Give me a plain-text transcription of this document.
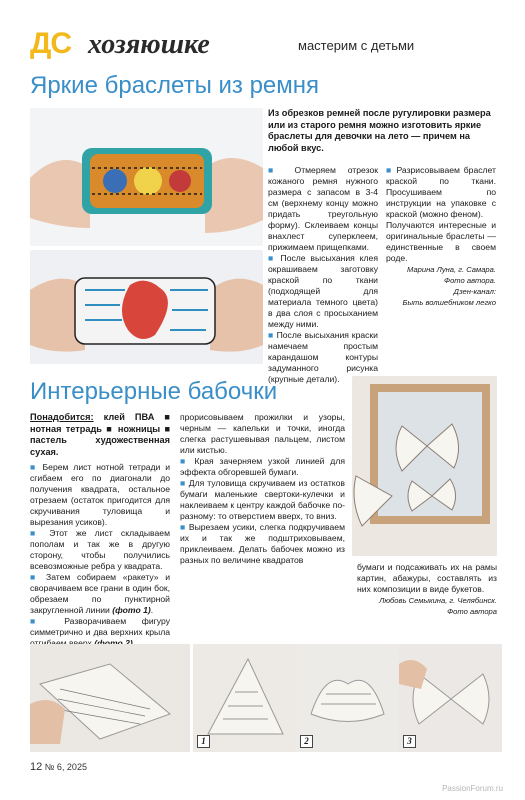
ДС хозяюшке	мастерим с детьми
Яркие браслеты из ремня

Из обрезков ремней после ругулировки размера или из старого ремня можно изготовить яркие браслеты для девочки на лето — причем на любой вкус.

■ Отмеряем отрезок кожаного ремня нужного размера с запасом в 3-4 см (верхнему концу можно придать треугольную форму). Склеиваем концы внахлест суперклеем, прижимаем прищепками.

■ После высыхания клея окрашиваем заготовку краской по ткани (подходящей для материала темного цвета) в два слоя с просыханием между ними.

■ После высыхания краски намечаем простым карандашом контуры задуманного рисунка (крупные детали).

■ Разрисовываем браслет краской по ткани. Просушиваем по инструкции на упаковке с краской (можно феном).

Получаются интересные и оригинальные браслеты — единственные в своем роде.

Марина Луна, г. Самара.

Фото автора.

Дзен-канал:

Быть волшебником легко

Интерьерные бабочки

Понадобится: клей ПВА ■ нотная тетрадь ■ ножницы ■ пастель художественная сухая.

■ Берем лист нотной тетради и сгибаем его по диагонали до получения квадрата, остальное отрезаем (остаток пригодится для скручивания туловища и вырезания усиков).

■ Этот же лист складываем пополам и так же в другую сторону, чтобы получились всевозможные ребра у квадрата.

■ Затем собираем «ракету» и сворачиваем все грани в один бок, обрезаем по пунктирной закругленной линии (фото 1).

■ Разворачиваем фигуру симметрично и два верхних крыла

прорисовываем прожилки и узоры, черным — капельки и точки, иногда слегка растушевывая пальцем, листом или кистью.

■ Края зачерняем узкой линией для эффекта обгоревшей бумаги.

■ Для туловища скручиваем из остатков бумаги маленькие свертоки-кулечки и наклеиваем к центру каждой бабочке по-разному: то отверстием вверх, то вниз.

■ Вырезаем усики, слегка подкручиваем их и так же подштриховываем, приклеиваем. Делать бабочек можно из разных по величине квадратов

бумаги и подсаживать их на рамы картин, абажуры, составлять из них композиции в виде букетов.

Любовь Семыкина, г. Челябинск.

Фото автора

1	2	3
12 № 6, 2025
PassionForum.ru
